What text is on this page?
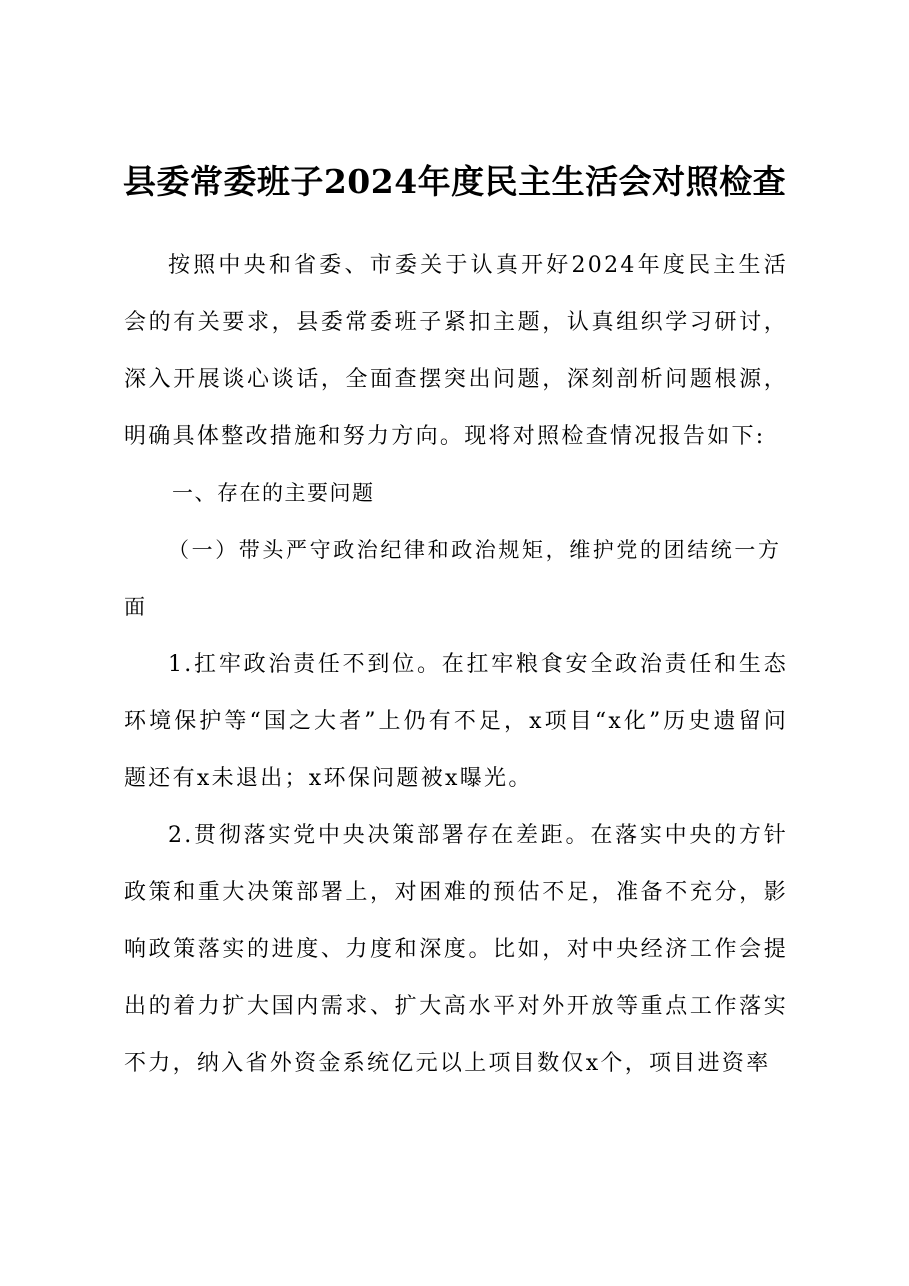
县委常委班子2024年度民主生活会对照检查

按照中央和省委、市委关于认真开好2024年度民主生活会的有关要求，县委常委班子紧扣主题，认真组织学习研讨，深入开展谈心谈话，全面查摆突出问题，深刻剖析问题根源，明确具体整改措施和努力方向。现将对照检查情况报告如下:

一、存在的主要问题

（一）带头严守政治纪律和政治规矩，维护党的团结统一方面

1.扛牢政治责任不到位。在扛牢粮食安全政治责任和生态环境保护等“国之大者”上仍有不足，x项目“x化”历史遗留问题还有x未退出；x环保问题被x曝光。

2.贯彻落实党中央决策部署存在差距。在落实中央的方针政策和重大决策部署上，对困难的预估不足，准备不充分，影响政策落实的进度、力度和深度。比如，对中央经济工作会提出的着力扩大国内需求、扩大高水平对外开放等重点工作落实不力，纳入省外资金系统亿元以上项目数仅x个，项目进资率
